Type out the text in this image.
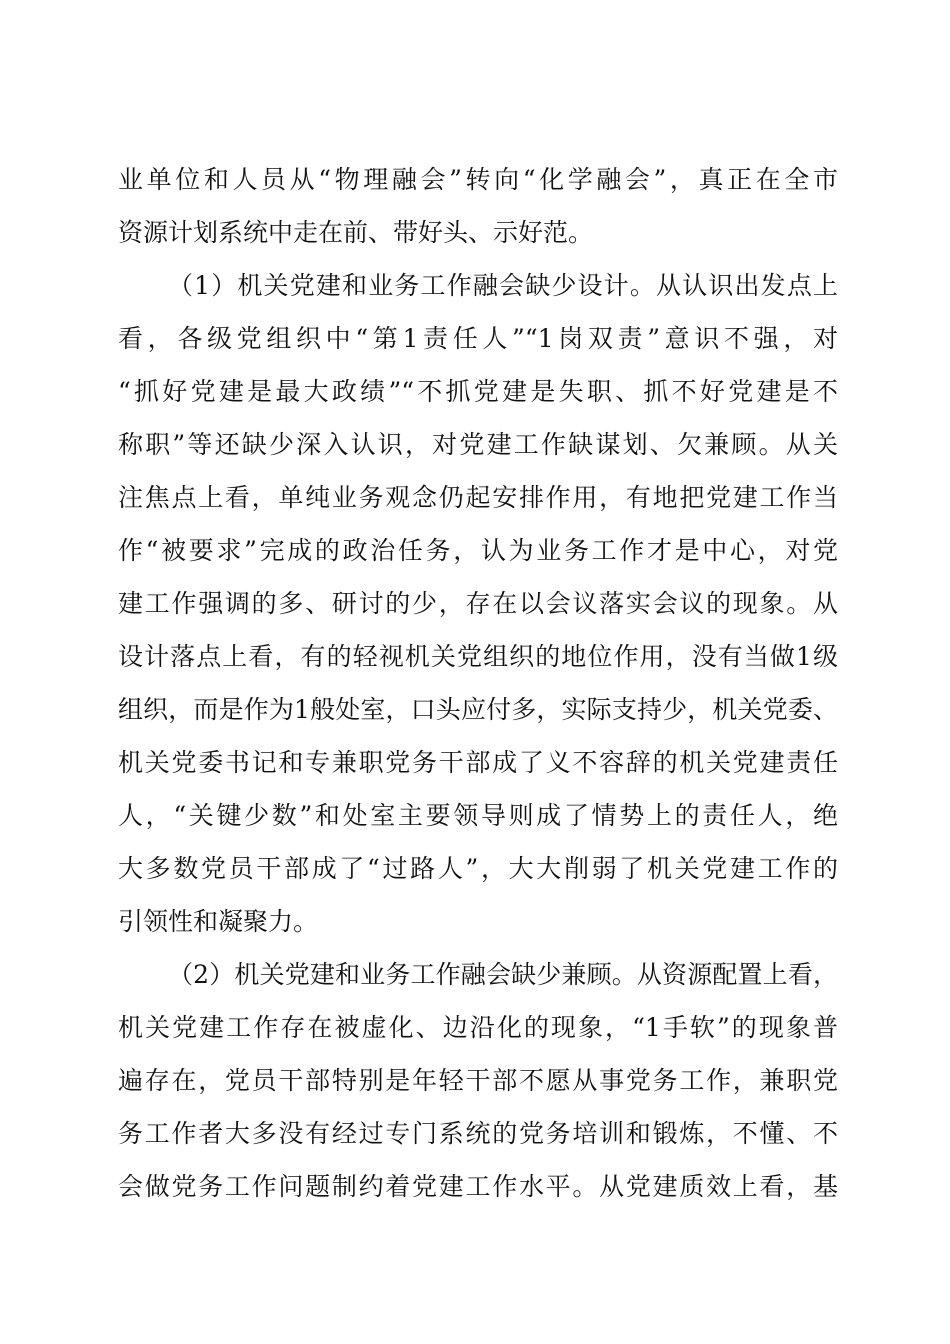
业单位和人员从“物理融会”转向“化学融会”，真正在全市
资源计划系统中走在前、带好头、示好范。
（1）机关党建和业务工作融会缺少设计。从认识出发点上
看，各级党组织中“第1责任人”“1岗双责”意识不强，对
“抓好党建是最大政绩”“不抓党建是失职、抓不好党建是不
称职”等还缺少深入认识，对党建工作缺谋划、欠兼顾。从关
注焦点上看，单纯业务观念仍起安排作用，有地把党建工作当
作“被要求”完成的政治任务，认为业务工作才是中心，对党
建工作强调的多、研讨的少，存在以会议落实会议的现象。从
设计落点上看，有的轻视机关党组织的地位作用，没有当做1级
组织，而是作为1般处室，口头应付多，实际支持少，机关党委、
机关党委书记和专兼职党务干部成了义不容辞的机关党建责任
人，“关键少数”和处室主要领导则成了情势上的责任人，绝
大多数党员干部成了“过路人”，大大削弱了机关党建工作的
引领性和凝聚力。
（2）机关党建和业务工作融会缺少兼顾。从资源配置上看，
机关党建工作存在被虚化、边沿化的现象，“1手软”的现象普
遍存在，党员干部特别是年轻干部不愿从事党务工作，兼职党
务工作者大多没有经过专门系统的党务培训和锻炼，不懂、不
会做党务工作问题制约着党建工作水平。从党建质效上看，基
